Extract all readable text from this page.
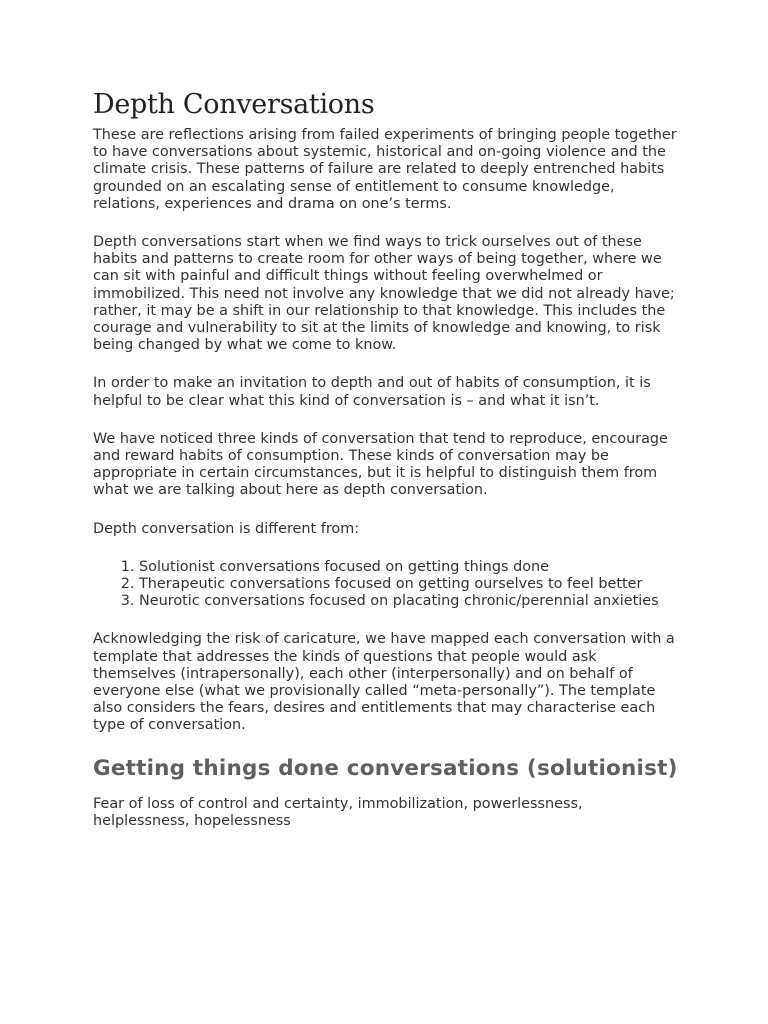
Depth Conversations

These are reflections arising from failed experiments of bringing people together to have conversations about systemic, historical and on-going violence and the climate crisis. These patterns of failure are related to deeply entrenched habits grounded on an escalating sense of entitlement to consume knowledge, relations, experiences and drama on one’s terms.

Depth conversations start when we find ways to trick ourselves out of these habits and patterns to create room for other ways of being together, where we can sit with painful and difficult things without feeling overwhelmed or immobilized. This need not involve any knowledge that we did not already have; rather, it may be a shift in our relationship to that knowledge. This includes the courage and vulnerability to sit at the limits of knowledge and knowing, to risk being changed by what we come to know.

In order to make an invitation to depth and out of habits of consumption, it is helpful to be clear what this kind of conversation is – and what it isn’t.

We have noticed three kinds of conversation that tend to reproduce, encourage and reward habits of consumption. These kinds of conversation may be appropriate in certain circumstances, but it is helpful to distinguish them from what we are talking about here as depth conversation.

Depth conversation is different from:

1. Solutionist conversations focused on getting things done
2. Therapeutic conversations focused on getting ourselves to feel better
3. Neurotic conversations focused on placating chronic/perennial anxieties

Acknowledging the risk of caricature, we have mapped each conversation with a template that addresses the kinds of questions that people would ask themselves (intrapersonally), each other (interpersonally) and on behalf of everyone else (what we provisionally called “meta-personally”). The template also considers the fears, desires and entitlements that may characterise each type of conversation.

Getting things done conversations (solutionist)

Fear of loss of control and certainty, immobilization, powerlessness, helplessness, hopelessness
